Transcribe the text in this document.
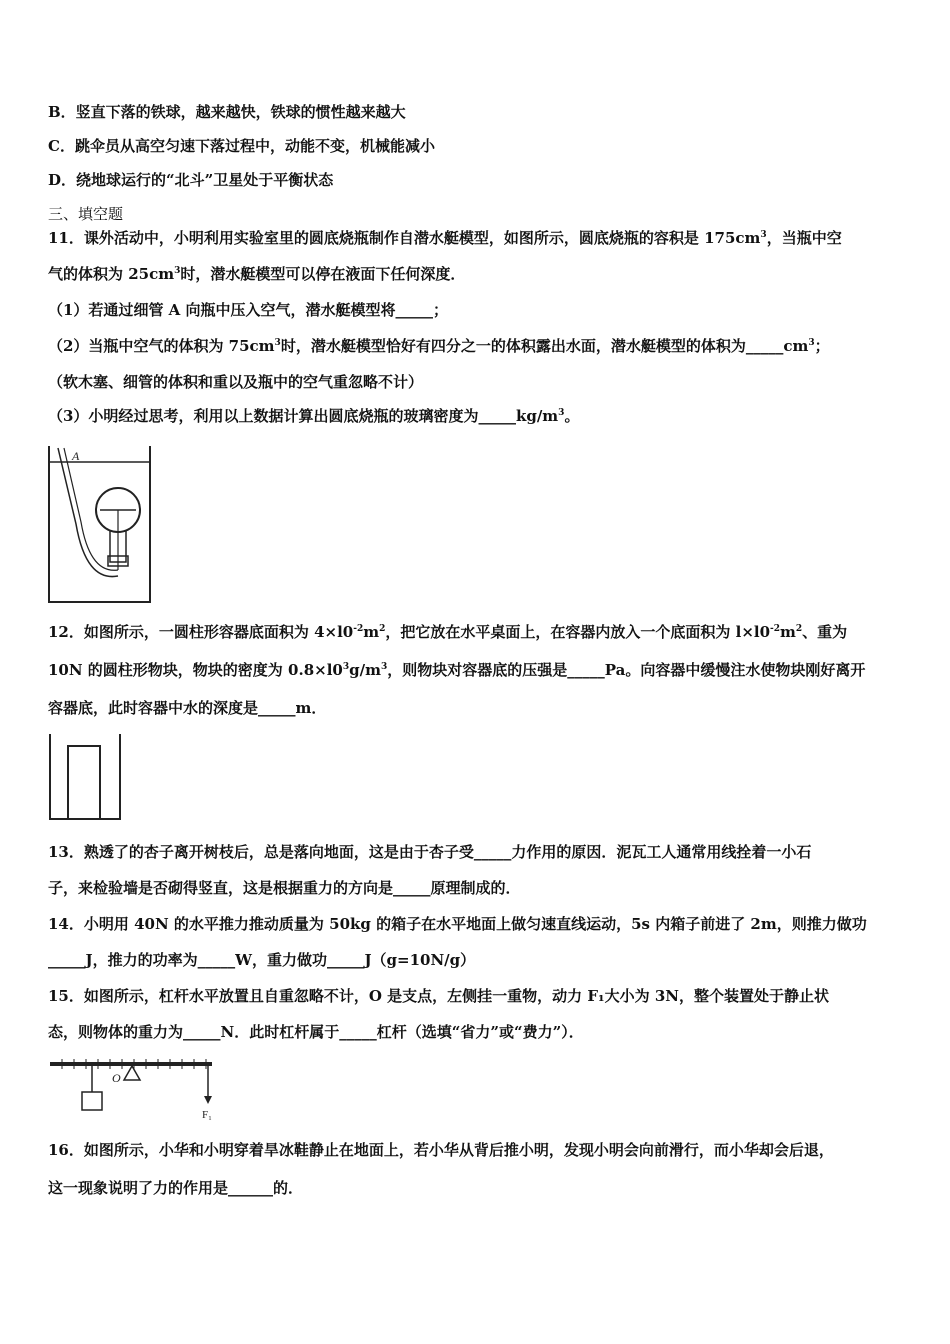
B．竖直下落的铁球，越来越快，铁球的惯性越来越大
C．跳伞员从高空匀速下落过程中，动能不变，机械能减小
D．绕地球运行的“北斗”卫星处于平衡状态
三、填空题
11．课外活动中，小明利用实验室里的圆底烧瓶制作自潜水艇模型，如图所示，圆底烧瓶的容积是 $175cm^3$，当瓶中空
气的体积为 $25cm^3$时，潜水艇模型可以停在液面下任何深度．
（1）若通过细管 A 向瓶中压入空气，潜水艇模型将_____；
（2）当瓶中空气的体积为 $75cm^3$时，潜水艇模型恰好有四分之一的体积露出水面，潜水艇模型的体积为$\_\_\_\_\_cm^3$；
（软木塞、细管的体积和重以及瓶中的空气重忽略不计）
（3）小明经过思考，利用以上数据计算出圆底烧瓶的玻璃密度为$\_\_\_\_\_kg/m^3$。
A
12．如图所示，一圆柱形容器底面积为 $4\times l0^{-2}m^2$，把它放在水平桌面上，在容器内放入一个底面积为 $l\times l0^{-2}m^2$、重为
10N 的圆柱形物块，物块的密度为 $0.8\times l0^3g/m^3$，则物块对容器底的压强是_____Pa。向容器中缓慢注水使物块刚好离开
容器底，此时容器中水的深度是_____m．
13．熟透了的杏子离开树枝后，总是落向地面，这是由于杏子受_____力作用的原因．泥瓦工人通常用线拴着一小石
子，来检验墙是否砌得竖直，这是根据重力的方向是_____原理制成的．
14．小明用 40N 的水平推力推动质量为 50kg 的箱子在水平地面上做匀速直线运动，5s 内箱子前进了 2m，则推力做功
_____J，推力的功率为_____W，重力做功_____J（g=10N/g）
15．如图所示，杠杆水平放置且自重忽略不计，O 是支点，左侧挂一重物，动力 F₁大小为 3N，整个装置处于静止状
态，则物体的重力为_____N．此时杠杆属于_____杠杆（选填“省力”或“费力”）．
O
F₁
16．如图所示，小华和小明穿着旱冰鞋静止在地面上，若小华从背后推小明，发现小明会向前滑行，而小华却会后退，
这一现象说明了力的作用是______的．
